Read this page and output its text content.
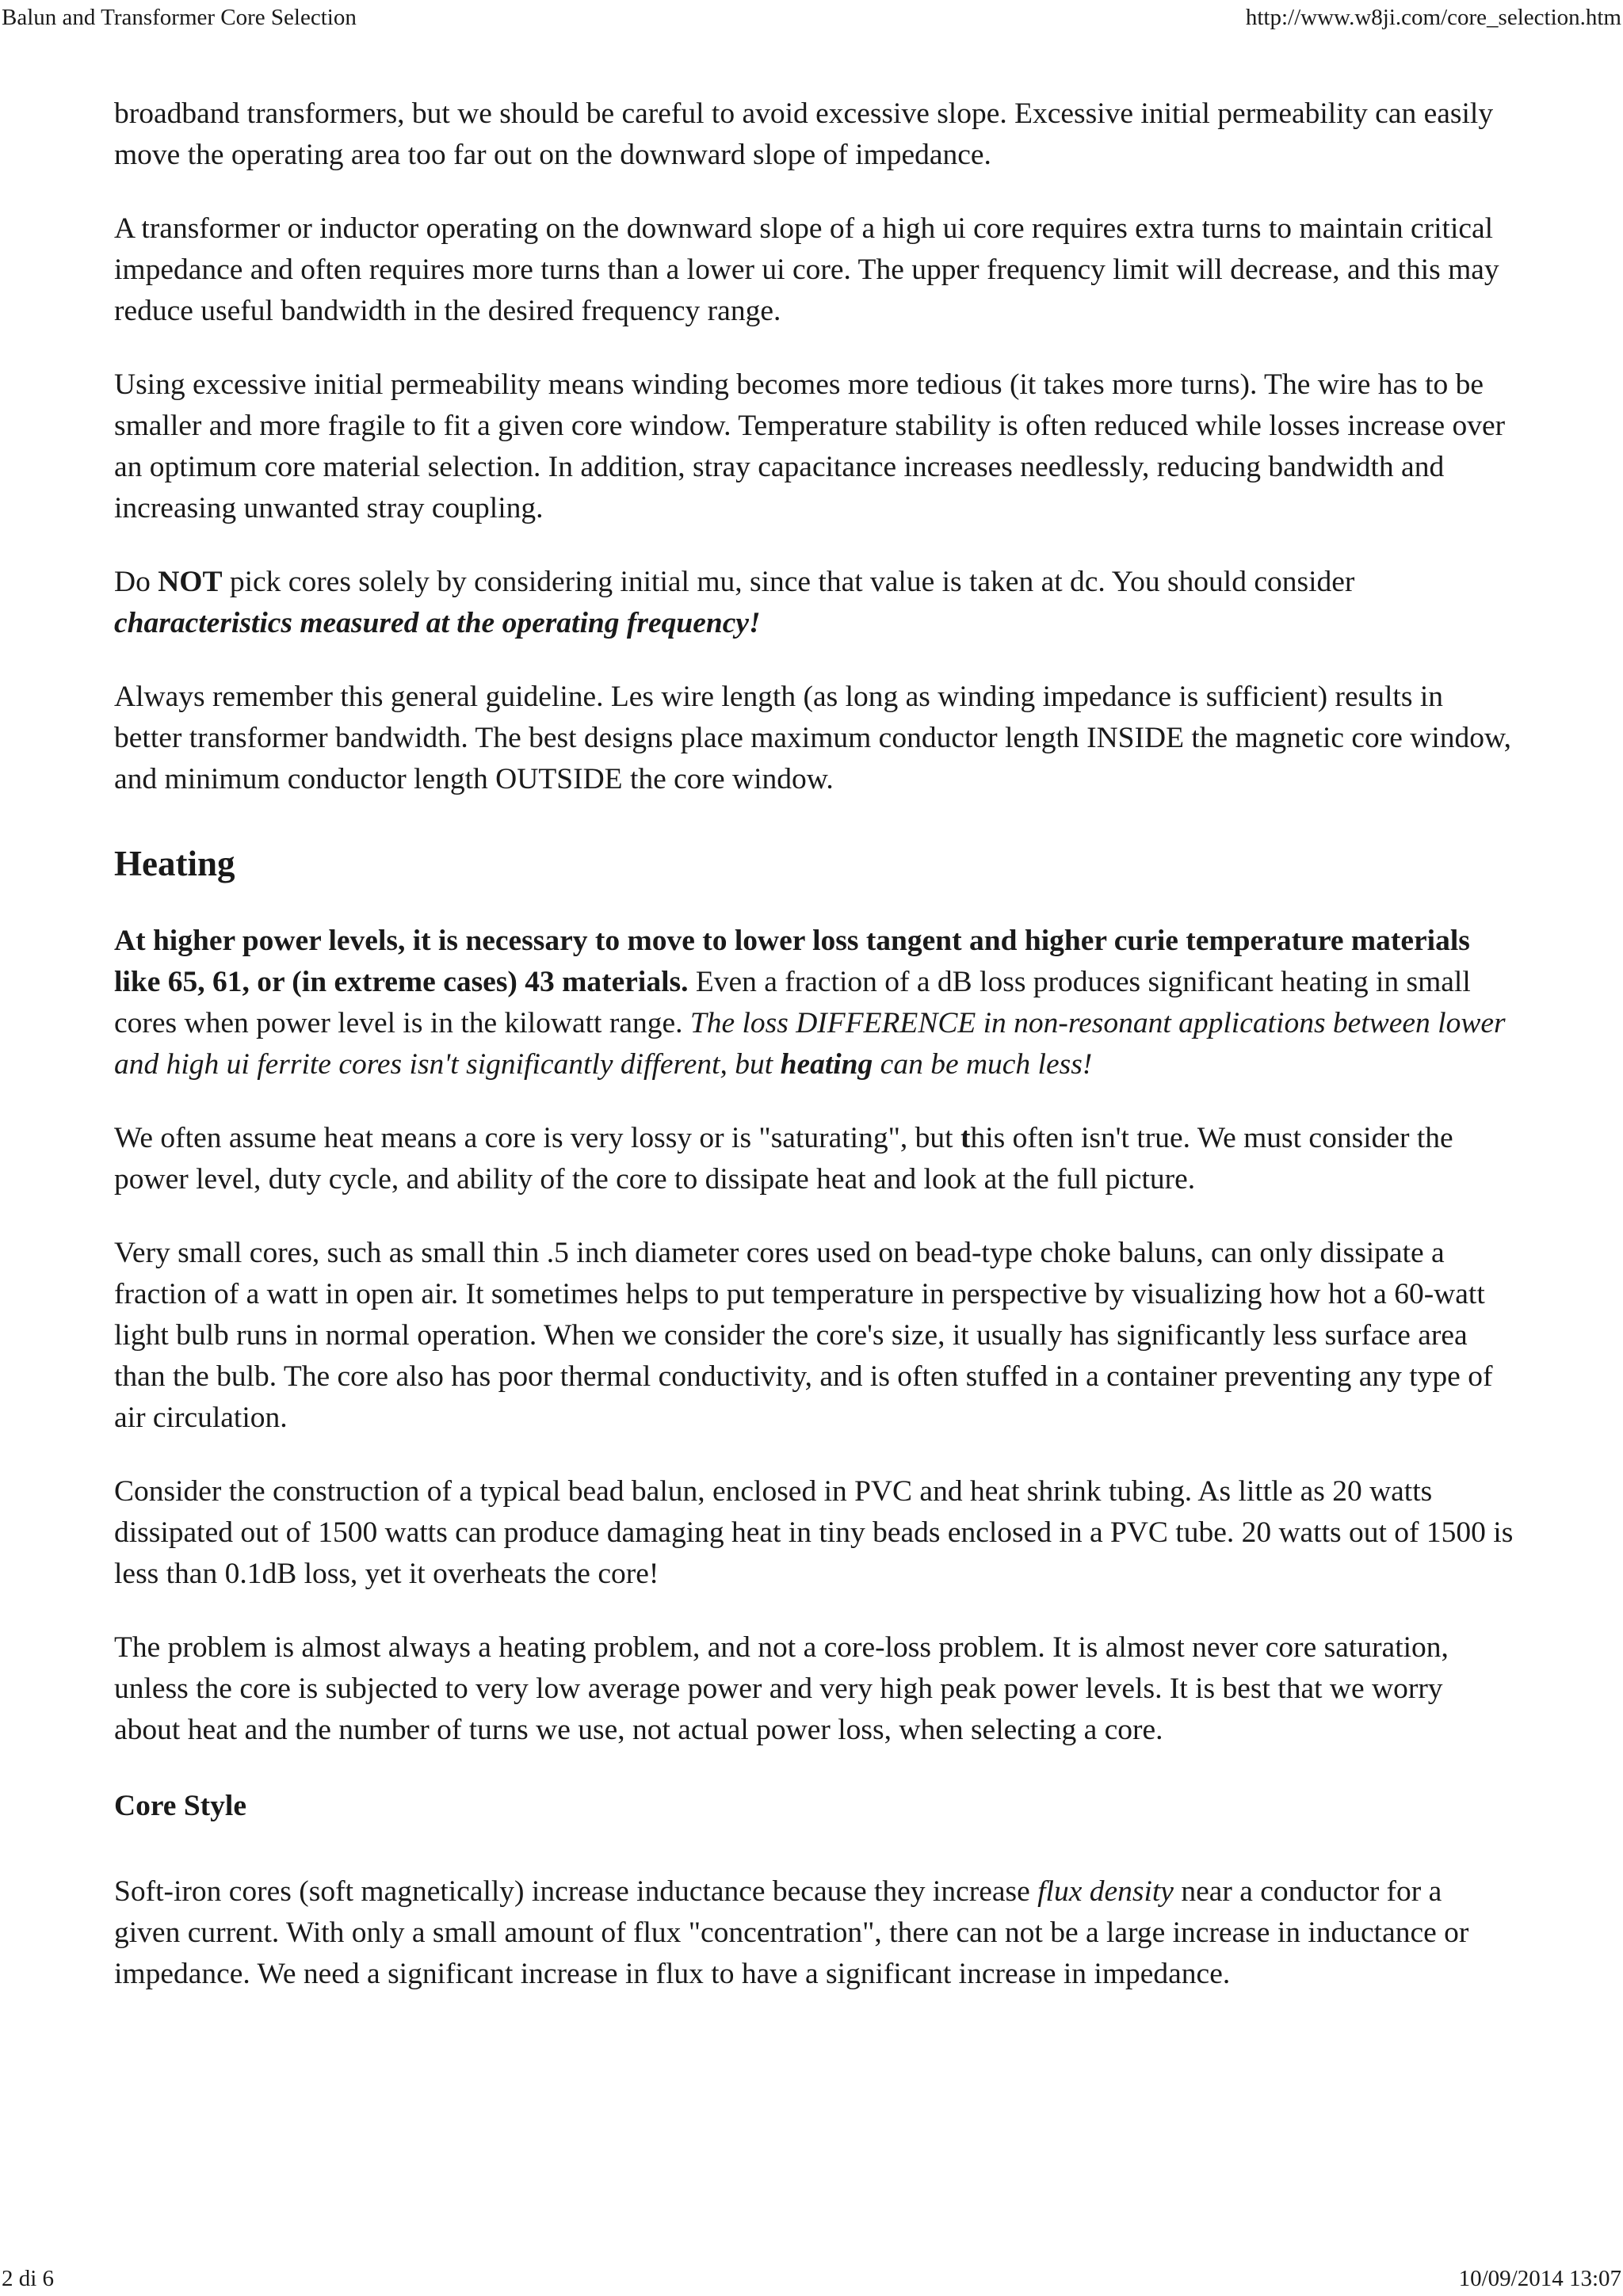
Balun and Transformer Core Selection	http://www.w8ji.com/core_selection.htm

broadband transformers, but we should be careful to avoid excessive slope. Excessive initial permeability can easily move the operating area too far out on the downward slope of impedance.

A transformer or inductor operating on the downward slope of a high ui core requires extra turns to maintain critical impedance and often requires more turns than a lower ui core. The upper frequency limit will decrease, and this may reduce useful bandwidth in the desired frequency range.

Using excessive initial permeability means winding becomes more tedious (it takes more turns). The wire has to be smaller and more fragile to fit a given core window. Temperature stability is often reduced while losses increase over an optimum core material selection. In addition, stray capacitance increases needlessly, reducing bandwidth and increasing unwanted stray coupling.

Do NOT pick cores solely by considering initial mu, since that value is taken at dc. You should consider characteristics measured at the operating frequency!

Always remember this general guideline. Les wire length (as long as winding impedance is sufficient) results in better transformer bandwidth. The best designs place maximum conductor length INSIDE the magnetic core window, and minimum conductor length OUTSIDE the core window.

Heating

At higher power levels, it is necessary to move to lower loss tangent and higher curie temperature materials like 65, 61, or (in extreme cases) 43 materials. Even a fraction of a dB loss produces significant heating in small cores when power level is in the kilowatt range. The loss DIFFERENCE in non-resonant applications between lower and high ui ferrite cores isn't significantly different, but heating can be much less!

We often assume heat means a core is very lossy or is "saturating", but this often isn't true. We must consider the power level, duty cycle, and ability of the core to dissipate heat and look at the full picture.

Very small cores, such as small thin .5 inch diameter cores used on bead-type choke baluns, can only dissipate a fraction of a watt in open air. It sometimes helps to put temperature in perspective by visualizing how hot a 60-watt light bulb runs in normal operation. When we consider the core's size, it usually has significantly less surface area than the bulb. The core also has poor thermal conductivity, and is often stuffed in a container preventing any type of air circulation.

Consider the construction of a typical bead balun, enclosed in PVC and heat shrink tubing. As little as 20 watts dissipated out of 1500 watts can produce damaging heat in tiny beads enclosed in a PVC tube. 20 watts out of 1500 is less than 0.1dB loss, yet it overheats the core!

The problem is almost always a heating problem, and not a core-loss problem. It is almost never core saturation, unless the core is subjected to very low average power and very high peak power levels. It is best that we worry about heat and the number of turns we use, not actual power loss, when selecting a core.

Core Style

Soft-iron cores (soft magnetically) increase inductance because they increase flux density near a conductor for a given current. With only a small amount of flux "concentration", there can not be a large increase in inductance or impedance. We need a significant increase in flux to have a significant increase in impedance.

2 di 6	10/09/2014 13:07
